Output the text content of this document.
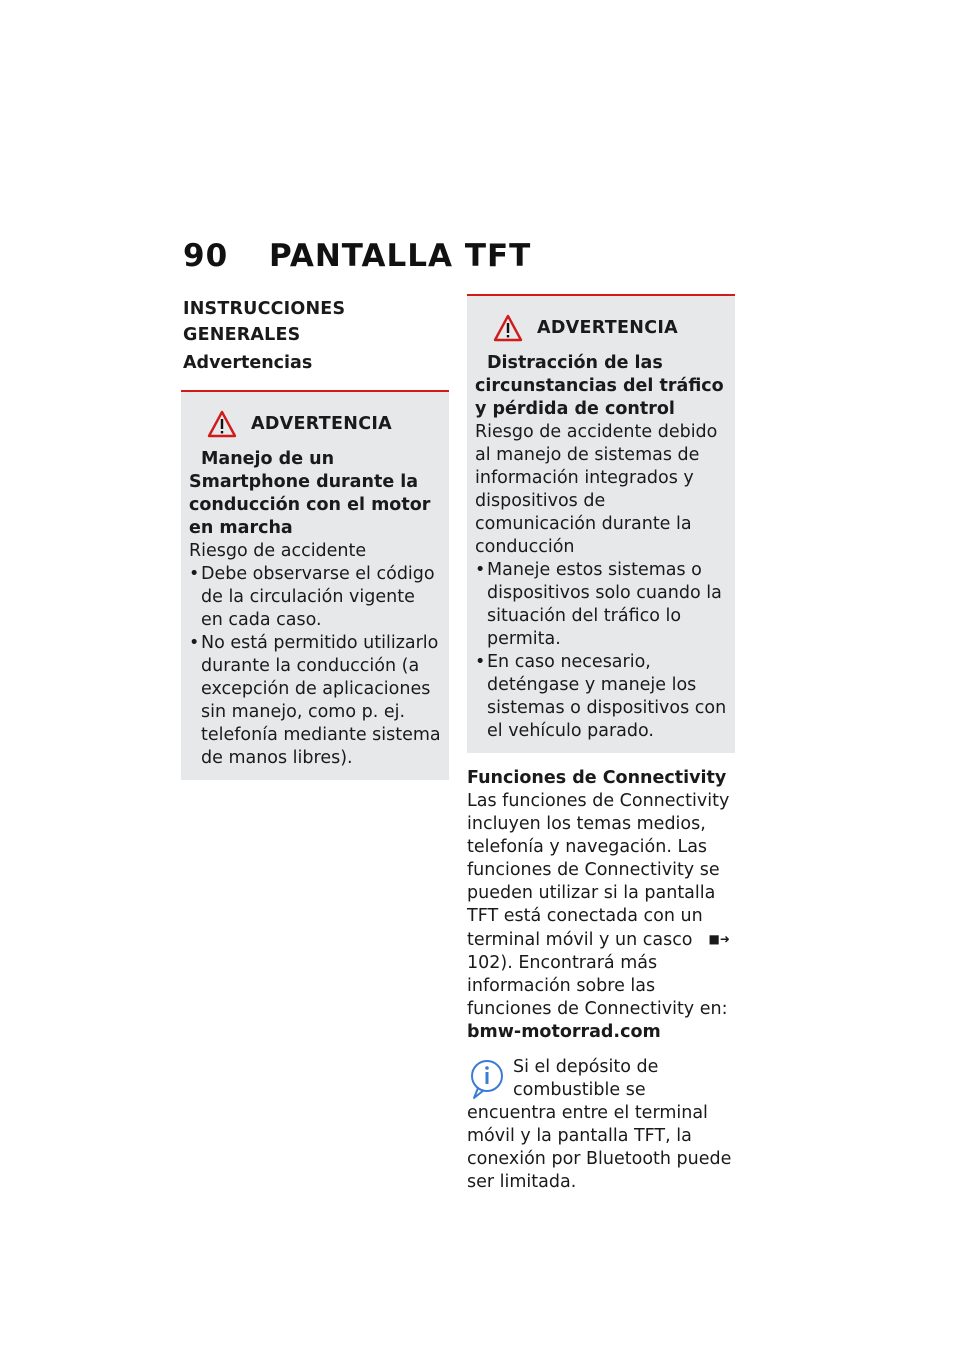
90	PANTALLA TFT
INSTRUCCIONES GENERALES
Advertencias
ADVERTENCIA
Manejo de un Smartphone durante la conducción con el motor en marcha
Riesgo de accidente
• Debe observarse el código de la circulación vigente en cada caso.
• No está permitido utilizarlo durante la conducción (a excepción de aplicaciones sin manejo, como p. ej. telefonía mediante sistema de manos libres).
ADVERTENCIA
Distracción de las circunstancias del tráfico y pérdida de control
Riesgo de accidente debido al manejo de sistemas de información integrados y dispositivos de comunicación durante la conducción
• Maneje estos sistemas o dispositivos solo cuando la situación del tráfico lo permita.
• En caso necesario, deténgase y maneje los sistemas o dispositivos con el vehículo parado.
Funciones de Connectivity
Las funciones de Connectivity incluyen los temas medios, telefonía y navegación. Las funciones de Connectivity se pueden utilizar si la pantalla TFT está conectada con un terminal móvil y un casco ■➜102). Encontrará más información sobre las funciones de Connectivity en: bmw-motorrad.com
Si el depósito de combustible se encuentra entre el terminal móvil y la pantalla TFT, la conexión por Bluetooth puede ser limitada.
